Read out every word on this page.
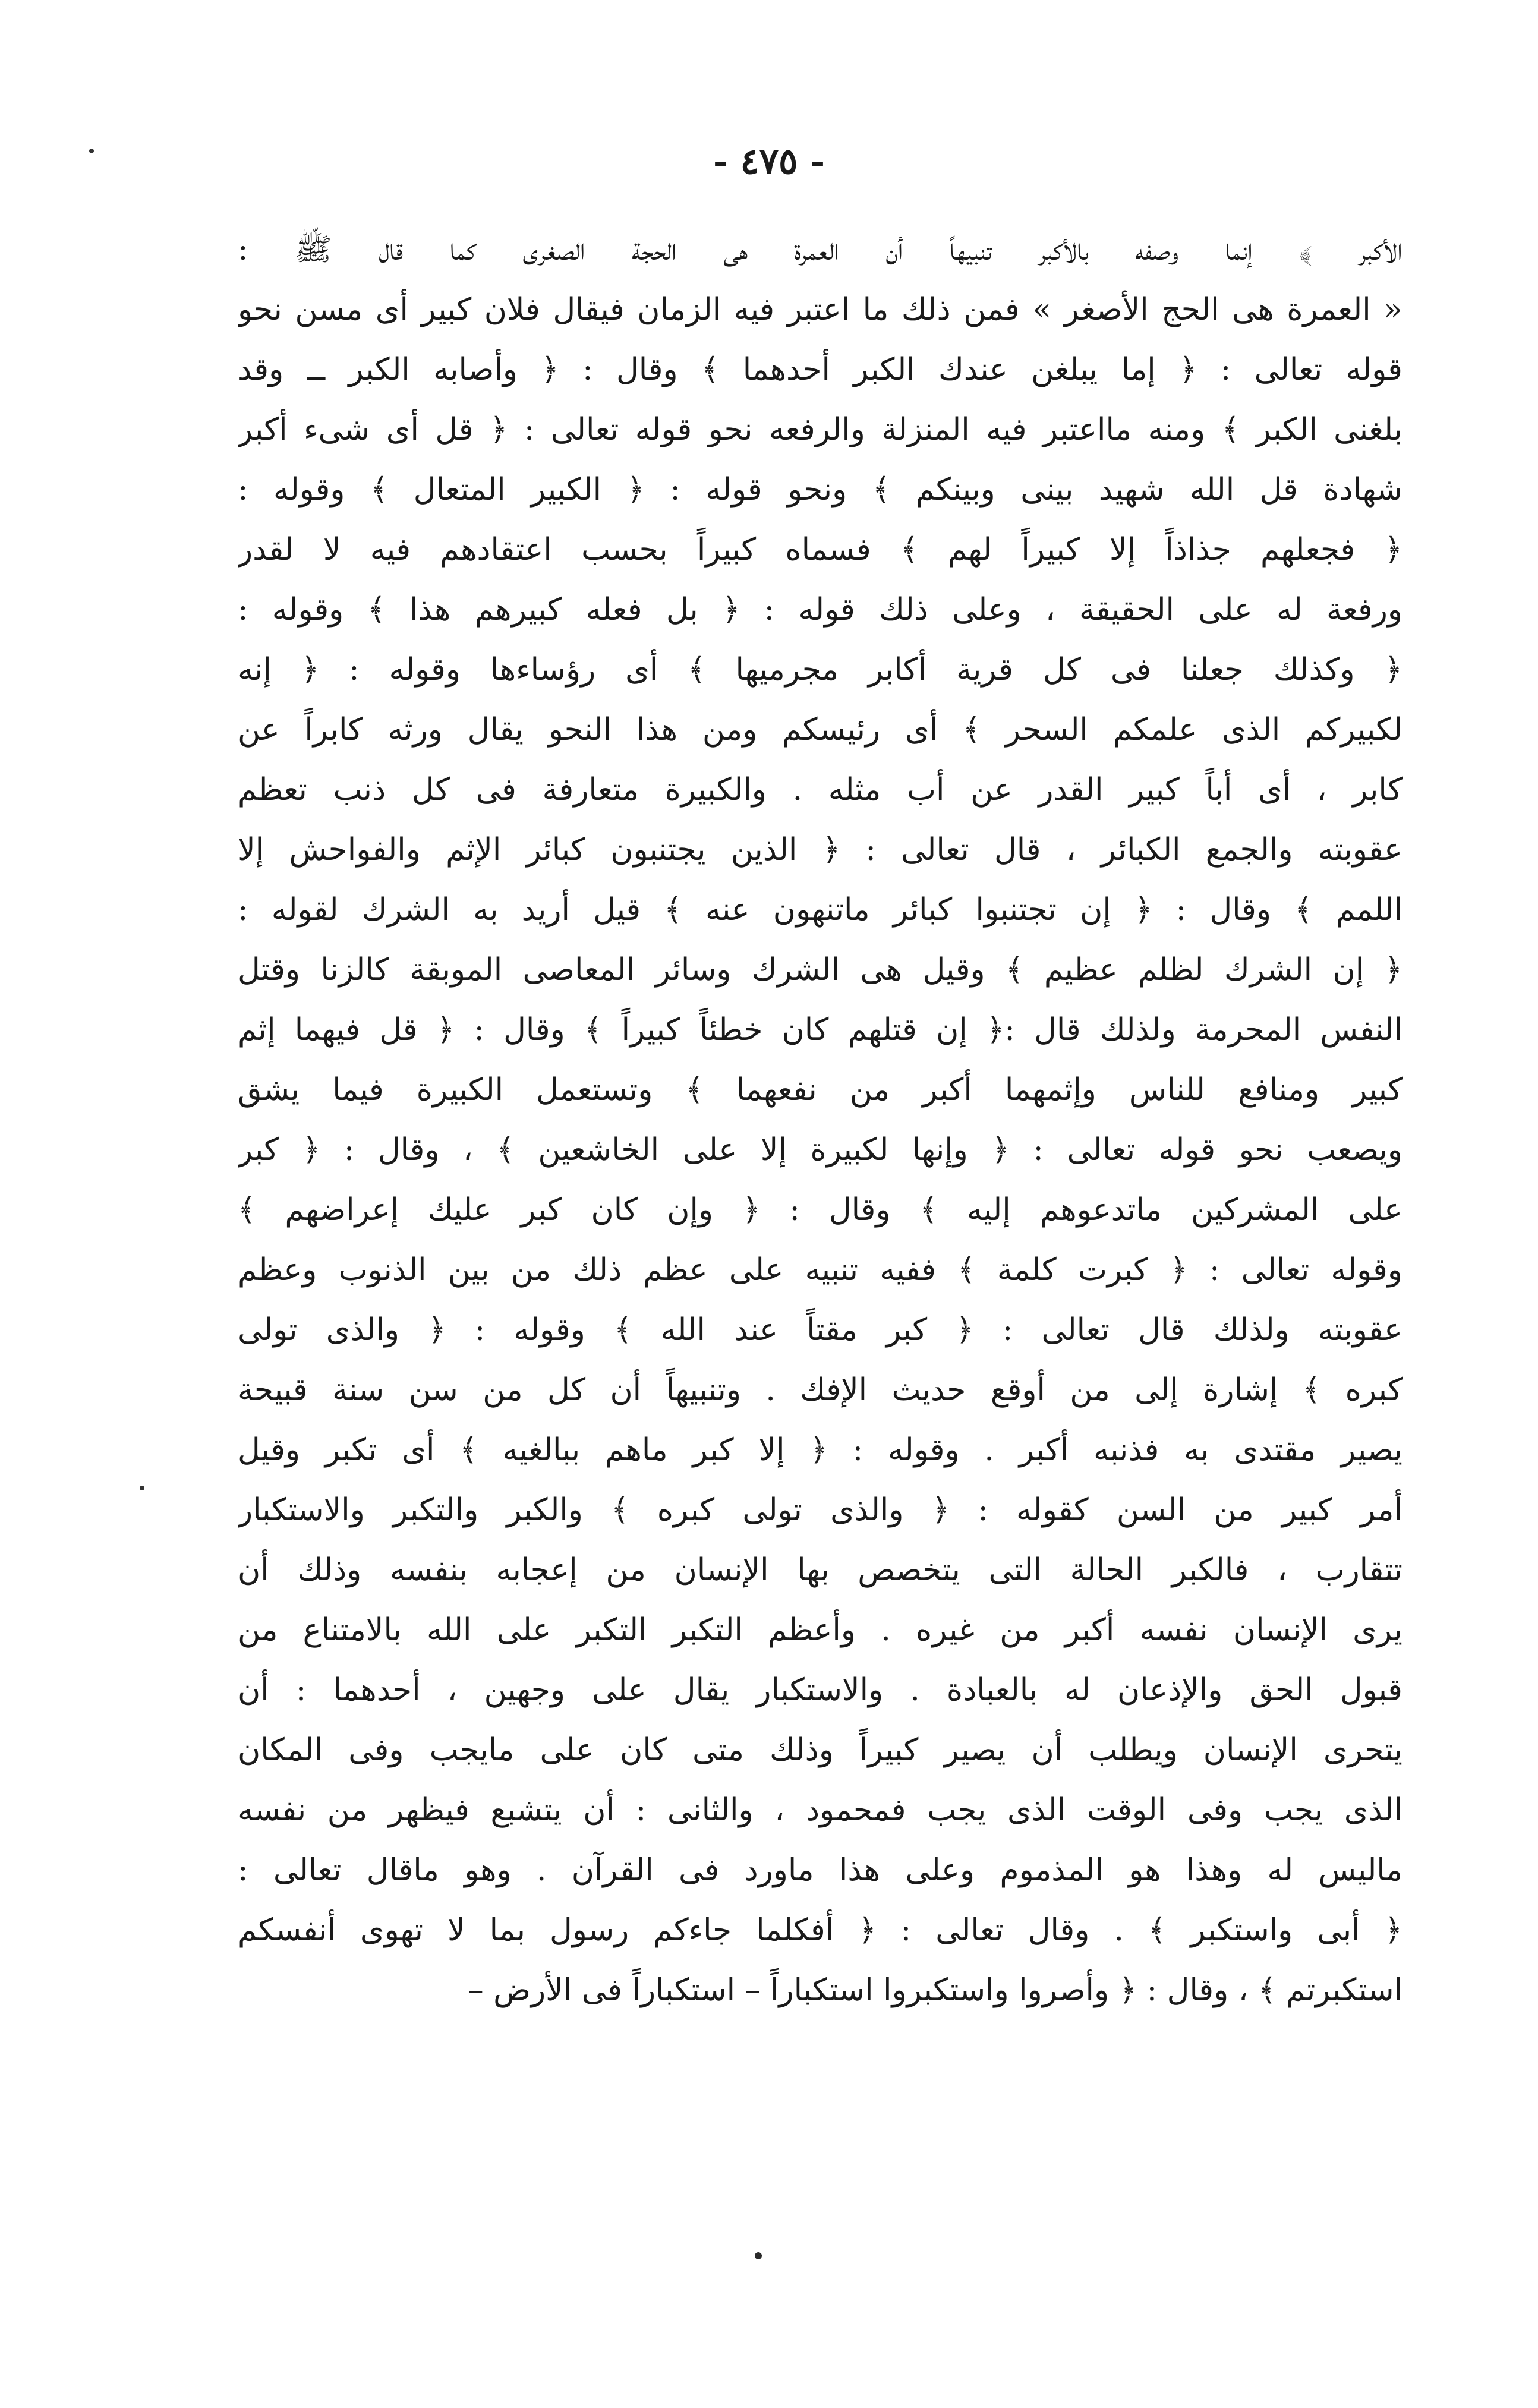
- ٤٧٥ -
الأكبر ﴾ إنما وصفه بالأكبر تنبيهاً أن العمرة هى الحجة الصغرى كما قال ﷺ :
« العمرة هى الحج الأصغر » فمن ذلك ما اعتبر فيه الزمان فيقال فلان كبير أى مسن نحو
قوله تعالى : ﴿ إما يبلغن عندك الكبر أحدهما ﴾ وقال : ﴿ وأصابه الكبر ــ وقد
بلغنى الكبر ﴾ ومنه مااعتبر فيه المنزلة والرفعه نحو قوله تعالى : ﴿ قل أى شىء أكبر
شهادة قل الله شهيد بينى وبينكم ﴾ ونحو قوله : ﴿ الكبير المتعال ﴾ وقوله :
﴿ فجعلهم جذاذاً إلا كبيراً لهم ﴾ فسماه كبيراً بحسب اعتقادهم فيه لا لقدر
ورفعة له على الحقيقة ، وعلى ذلك قوله : ﴿ بل فعله كبيرهم هذا ﴾ وقوله :
﴿ وكذلك جعلنا فى كل قرية أكابر مجرميها ﴾ أى رؤساءها وقوله : ﴿ إنه
لكبيركم الذى علمكم السحر ﴾ أى رئيسكم ومن هذا النحو يقال ورثه كابراً عن
كابر ، أى أباً كبير القدر عن أب مثله . والكبيرة متعارفة فى كل ذنب تعظم
عقوبته والجمع الكبائر ، قال تعالى : ﴿ الذين يجتنبون كبائر الإثم والفواحش إلا
اللمم ﴾ وقال : ﴿ إن تجتنبوا كبائر ماتنهون عنه ﴾ قيل أريد به الشرك لقوله :
﴿ إن الشرك لظلم عظيم ﴾ وقيل هى الشرك وسائر المعاصى الموبقة كالزنا وقتل
النفس المحرمة ولذلك قال :﴿ إن قتلهم كان خطئاً كبيراً ﴾ وقال : ﴿ قل فيهما إثم
كبير ومنافع للناس وإثمهما أكبر من نفعهما ﴾ وتستعمل الكبيرة فيما يشق
ويصعب نحو قوله تعالى : ﴿ وإنها لكبيرة إلا على الخاشعين ﴾ ، وقال : ﴿ كبر
على المشركين ماتدعوهم إليه ﴾ وقال : ﴿ وإن كان كبر عليك إعراضهم ﴾
وقوله تعالى : ﴿ كبرت كلمة ﴾ ففيه تنبيه على عظم ذلك من بين الذنوب وعظم
عقوبته ولذلك قال تعالى : ﴿ كبر مقتاً عند الله ﴾ وقوله : ﴿ والذى تولى
كبره ﴾ إشارة إلى من أوقع حديث الإفك . وتنبيهاً أن كل من سن سنة قبيحة
يصير مقتدى به فذنبه أكبر . وقوله : ﴿ إلا كبر ماهم ببالغيه ﴾ أى تكبر وقيل
أمر كبير من السن كقوله : ﴿ والذى تولى كبره ﴾ والكبر والتكبر والاستكبار
تتقارب ، فالكبر الحالة التى يتخصص بها الإنسان من إعجابه بنفسه وذلك أن
يرى الإنسان نفسه أكبر من غيره . وأعظم التكبر التكبر على الله بالامتناع من
قبول الحق والإذعان له بالعبادة . والاستكبار يقال على وجهين ، أحدهما : أن
يتحرى الإنسان ويطلب أن يصير كبيراً وذلك متى كان على مايجب وفى المكان
الذى يجب وفى الوقت الذى يجب فمحمود ، والثانى : أن يتشبع فيظهر من نفسه
ماليس له وهذا هو المذموم وعلى هذا ماورد فى القرآن . وهو ماقال تعالى :
﴿ أبى واستكبر ﴾ . وقال تعالى : ﴿ أفكلما جاءكم رسول بما لا تهوى أنفسكم
استكبرتم ﴾ ، وقال : ﴿ وأصروا واستكبروا استكباراً – استكباراً فى الأرض –
